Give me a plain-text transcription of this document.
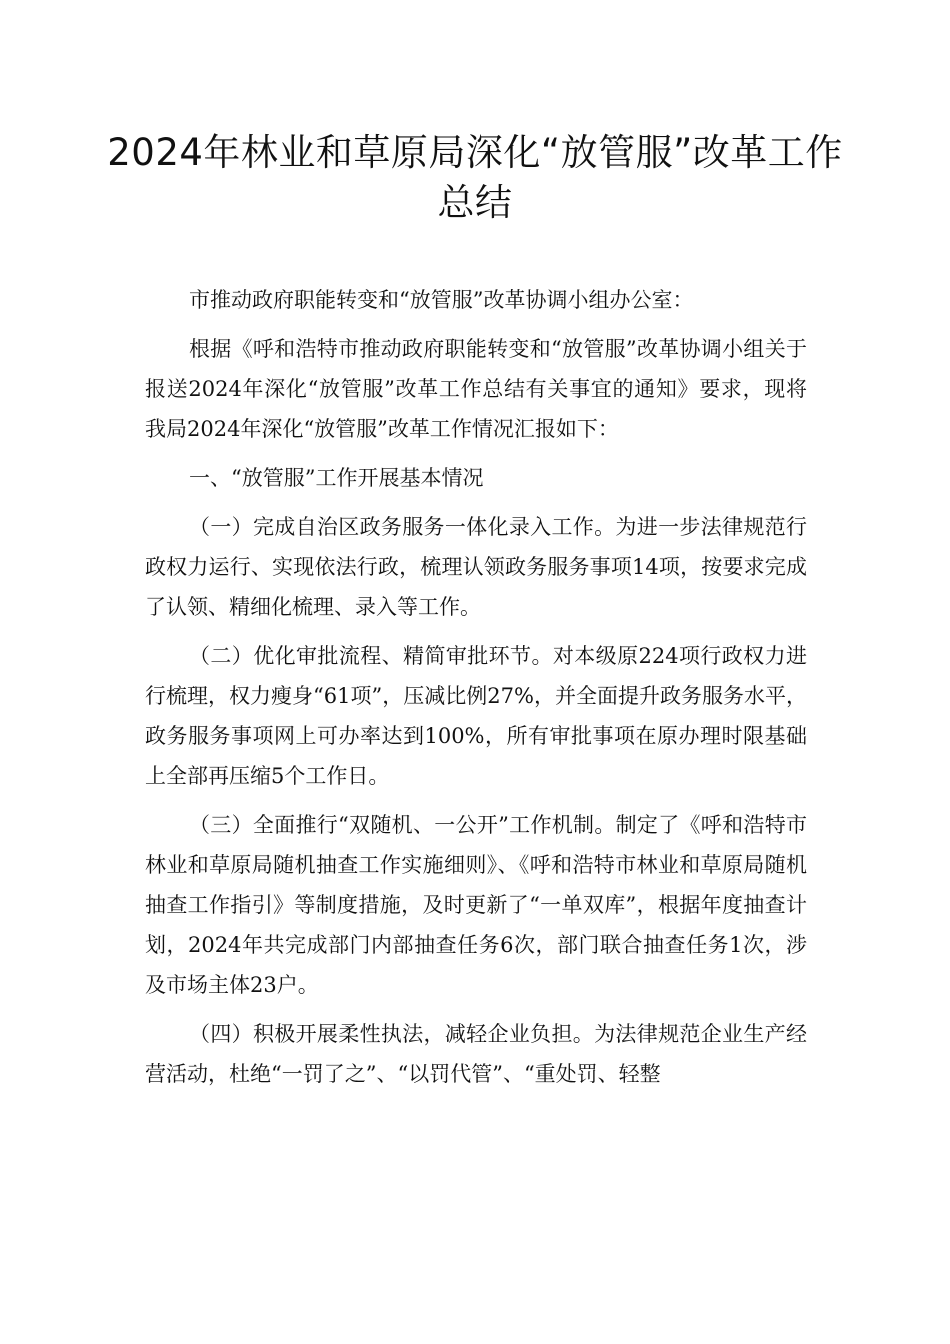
2024年林业和草原局深化“放管服”改革工作总结

市推动政府职能转变和“放管服”改革协调小组办公室：

根据《呼和浩特市推动政府职能转变和“放管服”改革协调小组关于报送2024年深化“放管服”改革工作总结有关事宜的通知》要求，现将我局2024年深化“放管服”改革工作情况汇报如下：

一、“放管服”工作开展基本情况

（一）完成自治区政务服务一体化录入工作。为进一步法律规范行政权力运行、实现依法行政，梳理认领政务服务事项14项，按要求完成了认领、精细化梳理、录入等工作。

（二）优化审批流程、精简审批环节。对本级原224项行政权力进行梳理，权力瘦身“61项”，压减比例27%，并全面提升政务服务水平，政务服务事项网上可办率达到100%，所有审批事项在原办理时限基础上全部再压缩5个工作日。

（三）全面推行“双随机、一公开”工作机制。制定了《呼和浩特市林业和草原局随机抽查工作实施细则》、《呼和浩特市林业和草原局随机抽查工作指引》等制度措施，及时更新了“一单双库”，根据年度抽查计划，2024年共完成部门内部抽查任务6次，部门联合抽查任务1次，涉及市场主体23户。

（四）积极开展柔性执法，减轻企业负担。为法律规范企业生产经营活动，杜绝“一罚了之”、“以罚代管”、“重处罚、轻整
